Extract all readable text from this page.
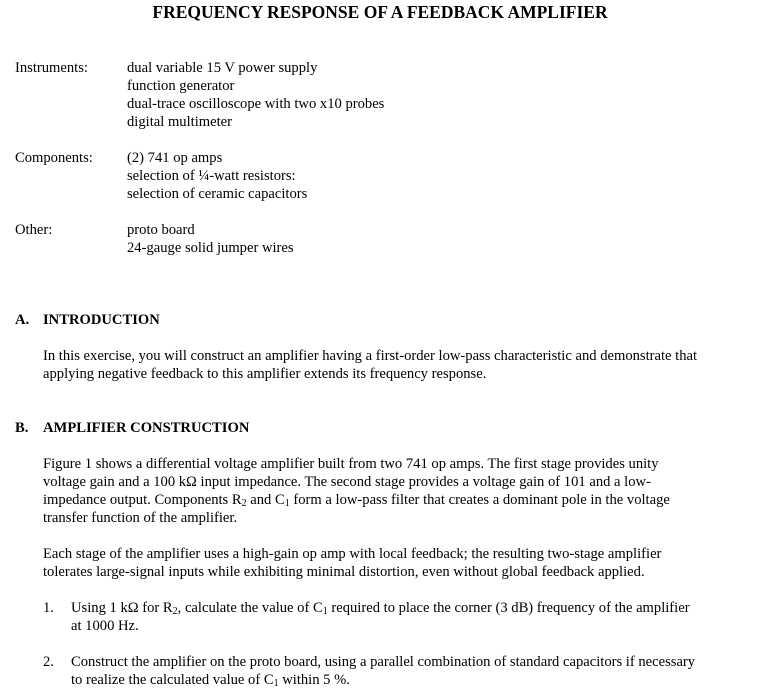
FREQUENCY RESPONSE OF A FEEDBACK AMPLIFIER
Instruments:	dual variable 15 V power supply
function generator
dual-trace oscilloscope with two x10 probes
digital multimeter
Components: (2) 741 op amps
selection of ¼-watt resistors:
selection of ceramic capacitors
Other:	proto board
24-gauge solid jumper wires
A. INTRODUCTION
In this exercise, you will construct an amplifier having a first-order low-pass characteristic and demonstrate that
applying negative feedback to this amplifier extends its frequency response.
B. AMPLIFIER CONSTRUCTION
Figure 1 shows a differential voltage amplifier built from two 741 op amps. The first stage provides unity
voltage gain and a 100 kΩ input impedance. The second stage provides a voltage gain of 101 and a low-
impedance output. Components $R_2$ and $C_1$ form a low-pass filter that creates a dominant pole in the voltage
transfer function of the amplifier.
Each stage of the amplifier uses a high-gain op amp with local feedback; the resulting two-stage amplifier
tolerates large-signal inputs while exhibiting minimal distortion, even without global feedback applied.
1. Using 1 kΩ for $R_2$, calculate the value of $C_1$ required to place the corner (3 dB) frequency of the amplifier
at 1000 Hz.
2. Construct the amplifier on the proto board, using a parallel combination of standard capacitors if necessary
to realize the calculated value of $C_1$ within 5 %.
